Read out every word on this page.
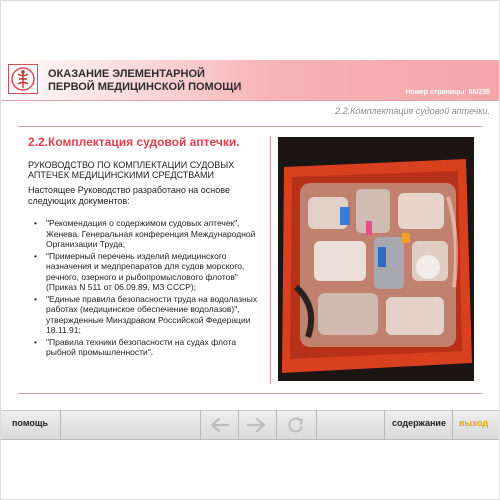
ОКАЗАНИЕ ЭЛЕМЕНТАРНОЙ ПЕРВОЙ МЕДИЦИНСКОЙ ПОМОЩИ	Номер страницы: 65/235
2.2.Комплектация судовой аптечки.
2.2.Комплектация судовой аптечки.
РУКОВОДСТВО ПО КОМПЛЕКТАЦИИ СУДОВЫХ АПТЕЧЕК МЕДИЦИНСКИМИ СРЕДСТВАМИ
Настоящее Руководство разработано на основе следующих документов:
• "Рекомендация о содержимом судовых аптечек", Женева. Генеральная конференция Международной Организации Труда;
• "Примерный перечень изделий медицинского назначения и медпрепаратов для судов морского, речного, озерного и рыбопромыслового флотов" (Приказ N 511 от 06.09.89, МЗ СССР);
• "Единые правила безопасности труда на водолазных работах (медицинское обеспечение водолазов)", утвержденные Минздравом Российской Федерации 18.11.91;
• "Правила техники безопасности на судах флота рыбной промышленности".
помощь	содержание выход
